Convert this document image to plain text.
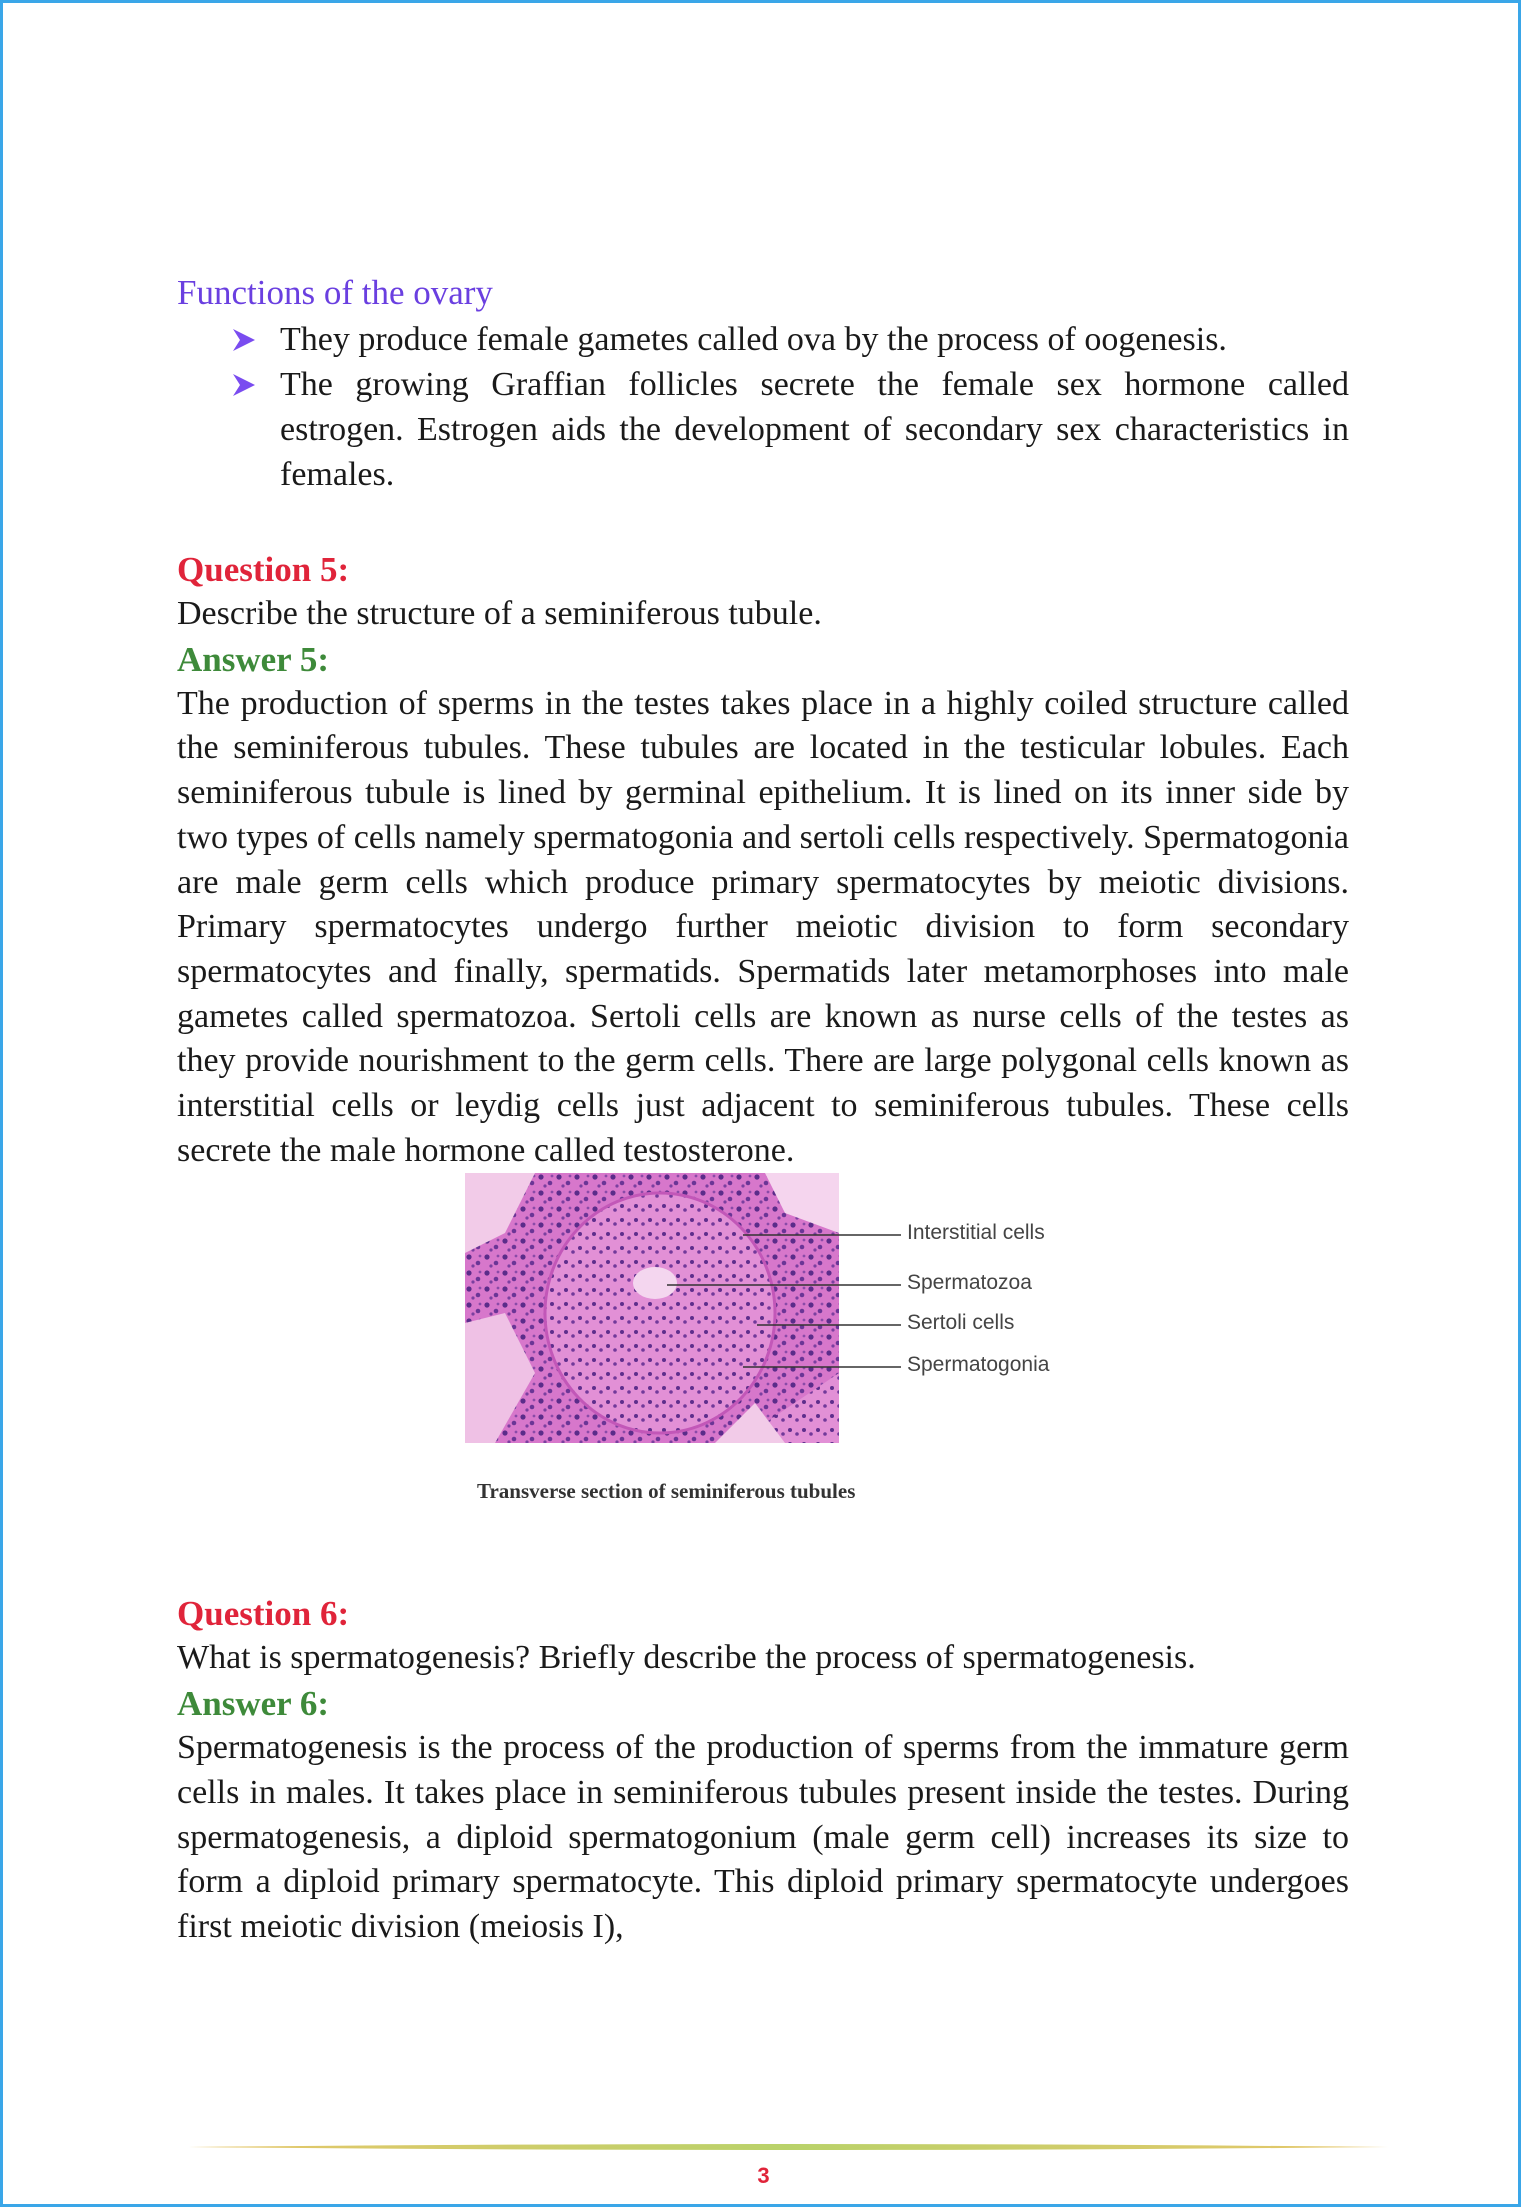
Functions of the ovary

They produce female gametes called ova by the process of oogenesis.
The growing Graffian follicles secrete the female sex hormone called estrogen. Estrogen aids the development of secondary sex characteristics in females.

Question 5:

Describe the structure of a seminiferous tubule.

Answer 5:

The production of sperms in the testes takes place in a highly coiled structure called the seminiferous tubules. These tubules are located in the testicular lobules. Each seminiferous tubule is lined by germinal epithelium. It is lined on its inner side by two types of cells namely spermatogonia and sertoli cells respectively. Spermatogonia are male germ cells which produce primary spermatocytes by meiotic divisions. Primary spermatocytes undergo further meiotic division to form secondary spermatocytes and finally, spermatids. Spermatids later metamorphoses into male gametes called spermatozoa. Sertoli cells are known as nurse cells of the testes as they provide nourishment to the germ cells. There are large polygonal cells known as interstitial cells or leydig cells just adjacent to seminiferous tubules. These cells secrete the male hormone called testosterone.

Interstitial cells
Spermatozoa
Sertoli cells
Spermatogonia
Transverse section of seminiferous tubules

Question 6:

What is spermatogenesis? Briefly describe the process of spermatogenesis.

Answer 6:

Spermatogenesis is the process of the production of sperms from the immature germ cells in males. It takes place in seminiferous tubules present inside the testes. During spermatogenesis, a diploid spermatogonium (male germ cell) increases its size to form a diploid primary spermatocyte. This diploid primary spermatocyte undergoes first meiotic division (meiosis I),

3
